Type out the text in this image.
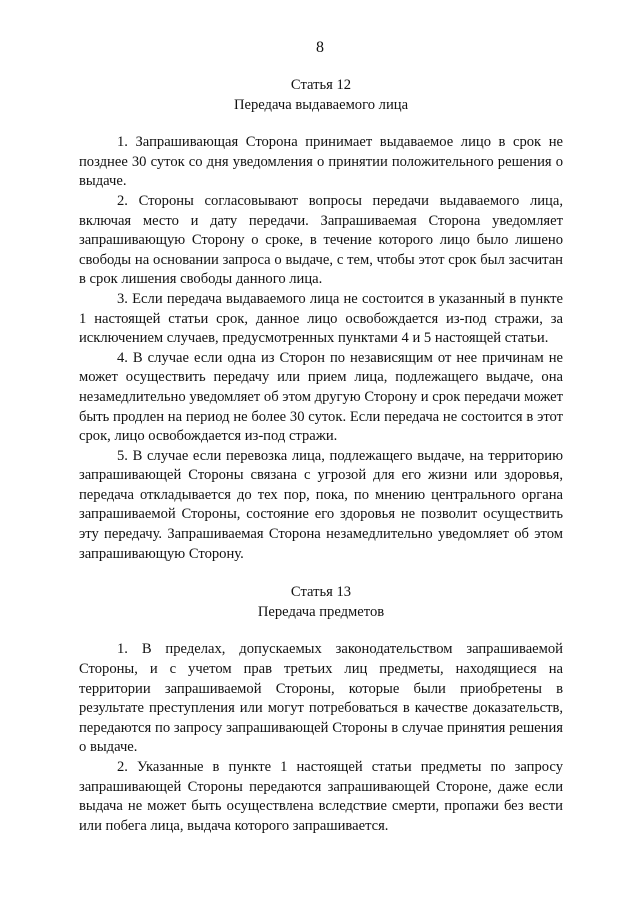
8
Статья 12
Передача выдаваемого лица

1. Запрашивающая Сторона принимает выдаваемое лицо в срок не позднее 30 суток со дня уведомления о принятии положительного решения о выдаче.

2. Стороны согласовывают вопросы передачи выдаваемого лица, включая место и дату передачи. Запрашиваемая Сторона уведомляет запрашивающую Сторону о сроке, в течение которого лицо было лишено свободы на основании запроса о выдаче, с тем, чтобы этот срок был засчитан в срок лишения свободы данного лица.

3. Если передача выдаваемого лица не состоится в указанный в пункте 1 настоящей статьи срок, данное лицо освобождается из-под стражи, за исключением случаев, предусмотренных пунктами 4 и 5 настоящей статьи.

4. В случае если одна из Сторон по независящим от нее причинам не может осуществить передачу или прием лица, подлежащего выдаче, она незамедлительно уведомляет об этом другую Сторону и срок передачи может быть продлен на период не более 30 суток. Если передача не состоится в этот срок, лицо освобождается из-под стражи.

5. В случае если перевозка лица, подлежащего выдаче, на территорию запрашивающей Стороны связана с угрозой для его жизни или здоровья, передача откладывается до тех пор, пока, по мнению центрального органа запрашиваемой Стороны, состояние его здоровья не позволит осуществить эту передачу. Запрашиваемая Сторона незамедлительно уведомляет об этом запрашивающую Сторону.

Статья 13
Передача предметов

1. В пределах, допускаемых законодательством запрашиваемой Стороны, и с учетом прав третьих лиц предметы, находящиеся на территории запрашиваемой Стороны, которые были приобретены в результате преступления или могут потребоваться в качестве доказательств, передаются по запросу запрашивающей Стороны в случае принятия решения о выдаче.

2. Указанные в пункте 1 настоящей статьи предметы по запросу запрашивающей Стороны передаются запрашивающей Стороне, даже если выдача не может быть осуществлена вследствие смерти, пропажи без вести или побега лица, выдача которого запрашивается.
